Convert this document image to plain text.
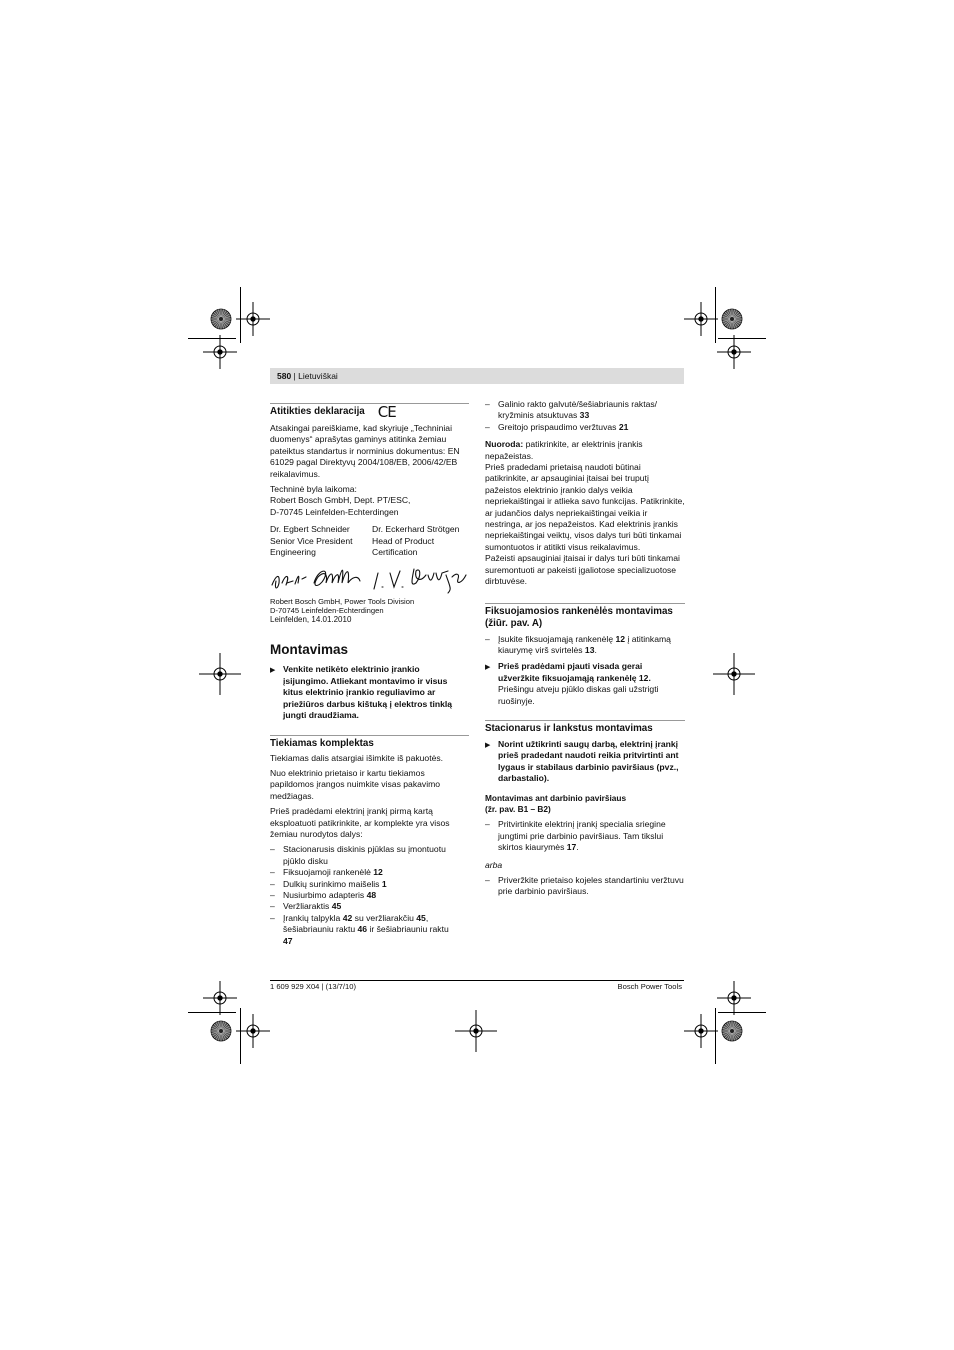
580 | Lietuviškai
Atitikties deklaracija CE

Atsakingai pareiškiame, kad skyriuje „Techniniai duomenys“ aprašytas gaminys atitinka žemiau pateiktus standartus ir norminius dokumentus: EN 61029 pagal Direktyvų 2004/108/EB, 2006/42/EB reikalavimus.

Techninė byla laikoma:

Robert Bosch GmbH, Dept. PT/ESC,

D-70745 Leinfelden-Echterdingen

Dr. Egbert Schneider

Senior Vice President

Engineering

Dr. Eckerhard Strötgen

Head of Product

Certification

Robert Bosch GmbH, Power Tools Division

D-70745 Leinfelden-Echterdingen

Leinfelden, 14.01.2010

Montavimas
▶ Venkite netikėto elektrinio įrankio
įsijungimo. Atliekant montavimo ir visus
kitus elektrinio įrankio reguliavimo ar
priežiūros darbus kištuką į elektros tinklą
jungti draudžiama.
Tiekiamas komplektas

Tiekiamas dalis atsargiai išimkite iš pakuotės.

Nuo elektrinio prietaiso ir kartu tiekiamos papildomos įrangos nuimkite visas pakavimo medžiagas.

Prieš pradėdami elektrinį įrankį pirmą kartą eksploatuoti patikrinkite, ar komplekte yra visos žemiau nurodytos dalys:

– Stacionarusis diskinis pjūklas su įmontuotu pjūklo disku
– Fiksuojamoji rankenėlė 12
– Dulkių surinkimo maišelis 1
– Nusiurbimo adapteris 48
– Veržliaraktis 45
– Įrankių talpykla 42 su veržliarakčiu 45,
šešiabriauniu raktu 46 ir šešiabriauniu raktu
47
– Galinio rakto galvutė/šešiabriaunis raktas/
kryžminis atsuktuvas 33
– Greitojo prispaudimo veržtuvas 21

Nuoroda: patikrinkite, ar elektrinis įrankis nepažeistas.

Prieš pradedami prietaisą naudoti būtinai patikrinkite, ar apsauginiai įtaisai bei truputį pažeistos elektrinio įrankio dalys veikia nepriekaištingai ir atlieka savo funkcijas. Patikrinkite, ar judančios dalys nepriekaištingai veikia ir nestringa, ar jos nepažeistos. Kad elektrinis įrankis nepriekaištingai veiktų, visos dalys turi būti tinkamai sumontuotos ir atitikti visus reikalavimus.

Pažeisti apsauginiai įtaisai ir dalys turi būti tinkamai suremontuoti ar pakeisti įgaliotose specializuotose dirbtuvėse.

Fiksuojamosios rankenėlės montavimas (žiūr. pav. A)
– Įsukite fiksuojamąją rankenėlę 12 į atitinkamą kiaurymę virš svirtelės 13.
▶ Prieš pradėdami pjauti visada gerai užveržkite fiksuojamąją rankenėlę 12. Priešingu atveju pjūklo diskas gali užstrigti ruošinyje.
Stacionarus ir lankstus montavimas
▶ Norint užtikrinti saugų darbą, elektrinį įrankį prieš pradedant naudoti reikia pritvirtinti ant lygaus ir stabilaus darbinio paviršiaus (pvz., darbastalio).
Montavimas ant darbinio paviršiaus
(žr. pav. B1 – B2)
– Pritvirtinkite elektrinį įrankį specialia sriegine jungtimi prie darbinio paviršiaus. Tam tikslui skirtos kiaurymės 17.

arba

– Priveržkite prietaiso kojeles standartiniu veržtuvu prie darbinio paviršiaus.
1 609 929 X04 | (13/7/10)	Bosch Power Tools
